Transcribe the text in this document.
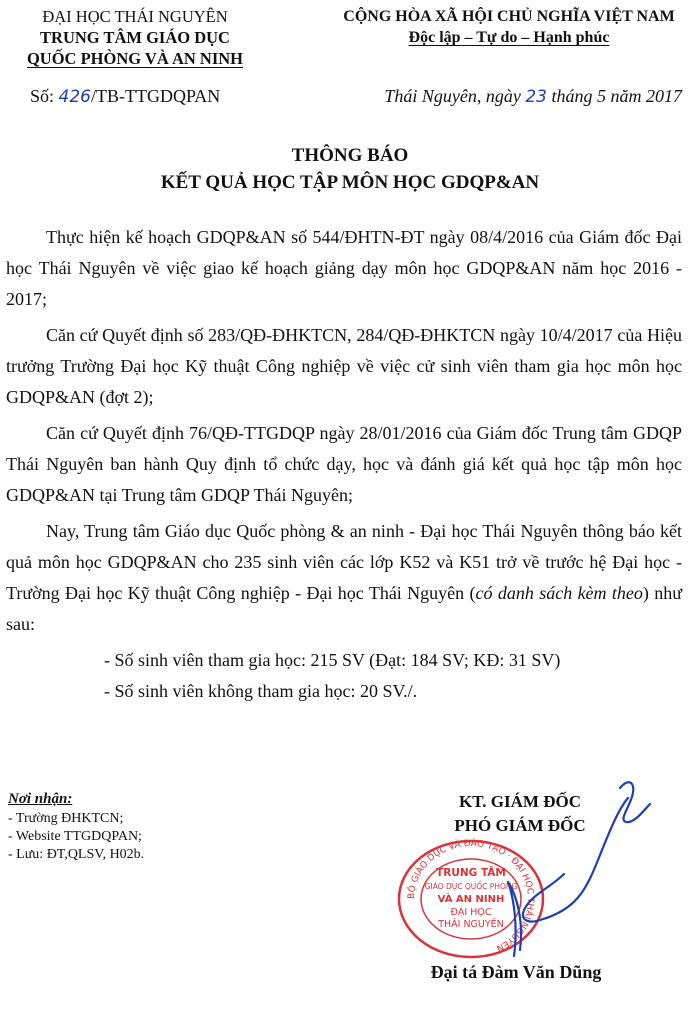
ĐẠI HỌC THÁI NGUYÊN
TRUNG TÂM GIÁO DỤC
QUỐC PHÒNG VÀ AN NINH
CỘNG HÒA XÃ HỘI CHỦ NGHĨA VIỆT NAM
Độc lập – Tự do – Hạnh phúc
Số: 426/TB-TTGDQPAN	Thái Nguyên, ngày 23 tháng 5 năm 2017
THÔNG BÁO
KẾT QUẢ HỌC TẬP MÔN HỌC GDQP&AN

Thực hiện kế hoạch GDQP&AN số 544/ĐHTN-ĐT ngày 08/4/2016 của Giám đốc Đại học Thái Nguyên về việc giao kế hoạch giảng dạy môn học GDQP&AN năm học 2016 - 2017;

Căn cứ Quyết định số 283/QĐ-ĐHKTCN, 284/QĐ-ĐHKTCN ngày 10/4/2017 của Hiệu trưởng Trường Đại học Kỹ thuật Công nghiệp về việc cử sinh viên tham gia học môn học GDQP&AN (đợt 2);

Căn cứ Quyết định 76/QĐ-TTGDQP ngày 28/01/2016 của Giám đốc Trung tâm GDQP Thái Nguyên ban hành Quy định tổ chức dạy, học và đánh giá kết quả học tập môn học GDQP&AN tại Trung tâm GDQP Thái Nguyên;

Nay, Trung tâm Giáo dục Quốc phòng & an ninh - Đại học Thái Nguyên thông báo kết quả môn học GDQP&AN cho 235 sinh viên các lớp K52 và K51 trở về trước hệ Đại học - Trường Đại học Kỹ thuật Công nghiệp - Đại học Thái Nguyên (có danh sách kèm theo) như sau:

- Số sinh viên tham gia học: 215 SV (Đạt: 184 SV; KĐ: 31 SV)

- Số sinh viên không tham gia học: 20 SV./.

Nơi nhận:
- Trường ĐHKTCN;
- Website TTGDQPAN;
- Lưu: ĐT,QLSV, H02b.
KT. GIÁM ĐỐC
PHÓ GIÁM ĐỐC
BỘ GIÁO DỤC VÀ ĐÀO TẠO · ĐẠI HỌC THÁI NGUYÊN
TRUNG TÂM
GIÁO DỤC QUỐC PHÒNG
VÀ AN NINH
ĐẠI HỌC
THÁI NGUYÊN
Đại tá Đàm Văn Dũng
